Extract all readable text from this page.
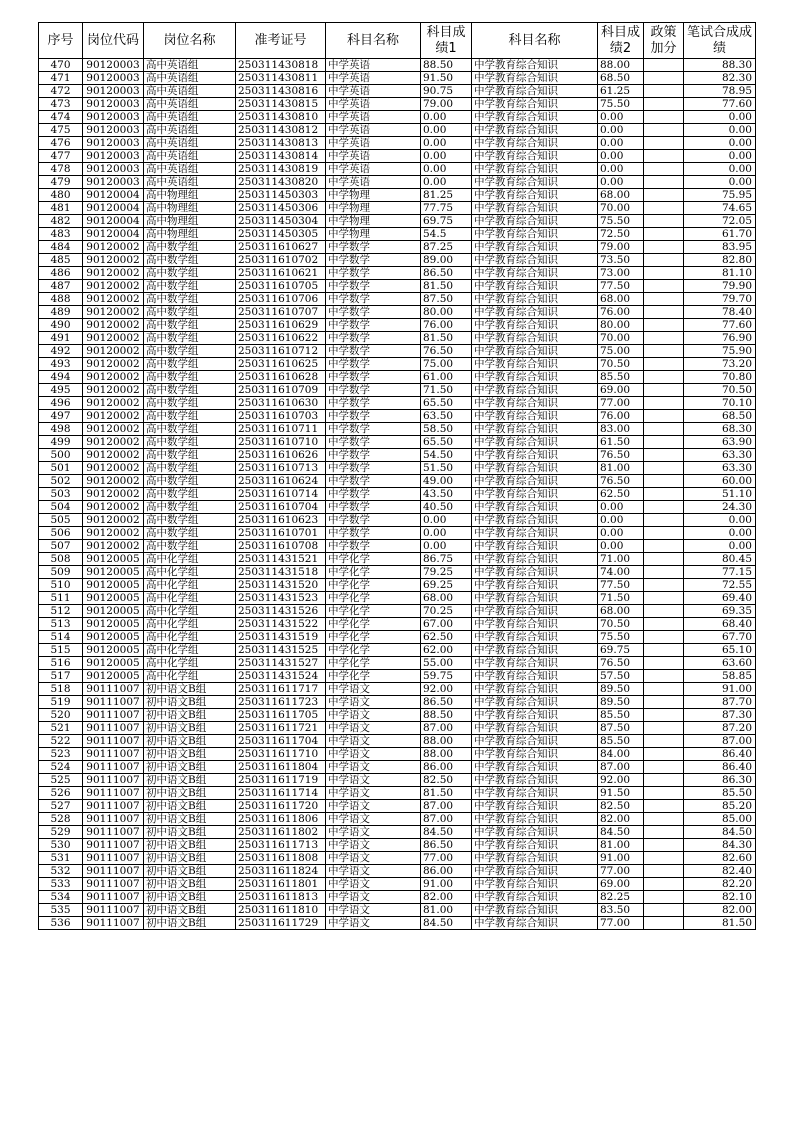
序号	岗位代码	岗位名称	准考证号	科目名称	科目成绩1	科目名称	科目成绩2	政策加分	笔试合成成绩
470	90120003	高中英语组	250311430818	中学英语	88.50	中学教育综合知识	88.00		88.30
471	90120003	高中英语组	250311430811	中学英语	91.50	中学教育综合知识	68.50		82.30
472	90120003	高中英语组	250311430816	中学英语	90.75	中学教育综合知识	61.25		78.95
473	90120003	高中英语组	250311430815	中学英语	79.00	中学教育综合知识	75.50		77.60
474	90120003	高中英语组	250311430810	中学英语	0.00	中学教育综合知识	0.00		0.00
475	90120003	高中英语组	250311430812	中学英语	0.00	中学教育综合知识	0.00		0.00
476	90120003	高中英语组	250311430813	中学英语	0.00	中学教育综合知识	0.00		0.00
477	90120003	高中英语组	250311430814	中学英语	0.00	中学教育综合知识	0.00		0.00
478	90120003	高中英语组	250311430819	中学英语	0.00	中学教育综合知识	0.00		0.00
479	90120003	高中英语组	250311430820	中学英语	0.00	中学教育综合知识	0.00		0.00
480	90120004	高中物理组	250311450303	中学物理	81.25	中学教育综合知识	68.00		75.95
481	90120004	高中物理组	250311450306	中学物理	77.75	中学教育综合知识	70.00		74.65
482	90120004	高中物理组	250311450304	中学物理	69.75	中学教育综合知识	75.50		72.05
483	90120004	高中物理组	250311450305	中学物理	54.5	中学教育综合知识	72.50		61.70
484	90120002	高中数学组	250311610627	中学数学	87.25	中学教育综合知识	79.00		83.95
485	90120002	高中数学组	250311610702	中学数学	89.00	中学教育综合知识	73.50		82.80
486	90120002	高中数学组	250311610621	中学数学	86.50	中学教育综合知识	73.00		81.10
487	90120002	高中数学组	250311610705	中学数学	81.50	中学教育综合知识	77.50		79.90
488	90120002	高中数学组	250311610706	中学数学	87.50	中学教育综合知识	68.00		79.70
489	90120002	高中数学组	250311610707	中学数学	80.00	中学教育综合知识	76.00		78.40
490	90120002	高中数学组	250311610629	中学数学	76.00	中学教育综合知识	80.00		77.60
491	90120002	高中数学组	250311610622	中学数学	81.50	中学教育综合知识	70.00		76.90
492	90120002	高中数学组	250311610712	中学数学	76.50	中学教育综合知识	75.00		75.90
493	90120002	高中数学组	250311610625	中学数学	75.00	中学教育综合知识	70.50		73.20
494	90120002	高中数学组	250311610628	中学数学	61.00	中学教育综合知识	85.50		70.80
495	90120002	高中数学组	250311610709	中学数学	71.50	中学教育综合知识	69.00		70.50
496	90120002	高中数学组	250311610630	中学数学	65.50	中学教育综合知识	77.00		70.10
497	90120002	高中数学组	250311610703	中学数学	63.50	中学教育综合知识	76.00		68.50
498	90120002	高中数学组	250311610711	中学数学	58.50	中学教育综合知识	83.00		68.30
499	90120002	高中数学组	250311610710	中学数学	65.50	中学教育综合知识	61.50		63.90
500	90120002	高中数学组	250311610626	中学数学	54.50	中学教育综合知识	76.50		63.30
501	90120002	高中数学组	250311610713	中学数学	51.50	中学教育综合知识	81.00		63.30
502	90120002	高中数学组	250311610624	中学数学	49.00	中学教育综合知识	76.50		60.00
503	90120002	高中数学组	250311610714	中学数学	43.50	中学教育综合知识	62.50		51.10
504	90120002	高中数学组	250311610704	中学数学	40.50	中学教育综合知识	0.00		24.30
505	90120002	高中数学组	250311610623	中学数学	0.00	中学教育综合知识	0.00		0.00
506	90120002	高中数学组	250311610701	中学数学	0.00	中学教育综合知识	0.00		0.00
507	90120002	高中数学组	250311610708	中学数学	0.00	中学教育综合知识	0.00		0.00
508	90120005	高中化学组	250311431521	中学化学	86.75	中学教育综合知识	71.00		80.45
509	90120005	高中化学组	250311431518	中学化学	79.25	中学教育综合知识	74.00		77.15
510	90120005	高中化学组	250311431520	中学化学	69.25	中学教育综合知识	77.50		72.55
511	90120005	高中化学组	250311431523	中学化学	68.00	中学教育综合知识	71.50		69.40
512	90120005	高中化学组	250311431526	中学化学	70.25	中学教育综合知识	68.00		69.35
513	90120005	高中化学组	250311431522	中学化学	67.00	中学教育综合知识	70.50		68.40
514	90120005	高中化学组	250311431519	中学化学	62.50	中学教育综合知识	75.50		67.70
515	90120005	高中化学组	250311431525	中学化学	62.00	中学教育综合知识	69.75		65.10
516	90120005	高中化学组	250311431527	中学化学	55.00	中学教育综合知识	76.50		63.60
517	90120005	高中化学组	250311431524	中学化学	59.75	中学教育综合知识	57.50		58.85
518	90111007	初中语文B组	250311611717	中学语文	92.00	中学教育综合知识	89.50		91.00
519	90111007	初中语文B组	250311611723	中学语文	86.50	中学教育综合知识	89.50		87.70
520	90111007	初中语文B组	250311611705	中学语文	88.50	中学教育综合知识	85.50		87.30
521	90111007	初中语文B组	250311611721	中学语文	87.00	中学教育综合知识	87.50		87.20
522	90111007	初中语文B组	250311611704	中学语文	88.00	中学教育综合知识	85.50		87.00
523	90111007	初中语文B组	250311611710	中学语文	88.00	中学教育综合知识	84.00		86.40
524	90111007	初中语文B组	250311611804	中学语文	86.00	中学教育综合知识	87.00		86.40
525	90111007	初中语文B组	250311611719	中学语文	82.50	中学教育综合知识	92.00		86.30
526	90111007	初中语文B组	250311611714	中学语文	81.50	中学教育综合知识	91.50		85.50
527	90111007	初中语文B组	250311611720	中学语文	87.00	中学教育综合知识	82.50		85.20
528	90111007	初中语文B组	250311611806	中学语文	87.00	中学教育综合知识	82.00		85.00
529	90111007	初中语文B组	250311611802	中学语文	84.50	中学教育综合知识	84.50		84.50
530	90111007	初中语文B组	250311611713	中学语文	86.50	中学教育综合知识	81.00		84.30
531	90111007	初中语文B组	250311611808	中学语文	77.00	中学教育综合知识	91.00		82.60
532	90111007	初中语文B组	250311611824	中学语文	86.00	中学教育综合知识	77.00		82.40
533	90111007	初中语文B组	250311611801	中学语文	91.00	中学教育综合知识	69.00		82.20
534	90111007	初中语文B组	250311611813	中学语文	82.00	中学教育综合知识	82.25		82.10
535	90111007	初中语文B组	250311611810	中学语文	81.00	中学教育综合知识	83.50		82.00
536	90111007	初中语文B组	250311611729	中学语文	84.50	中学教育综合知识	77.00		81.50
